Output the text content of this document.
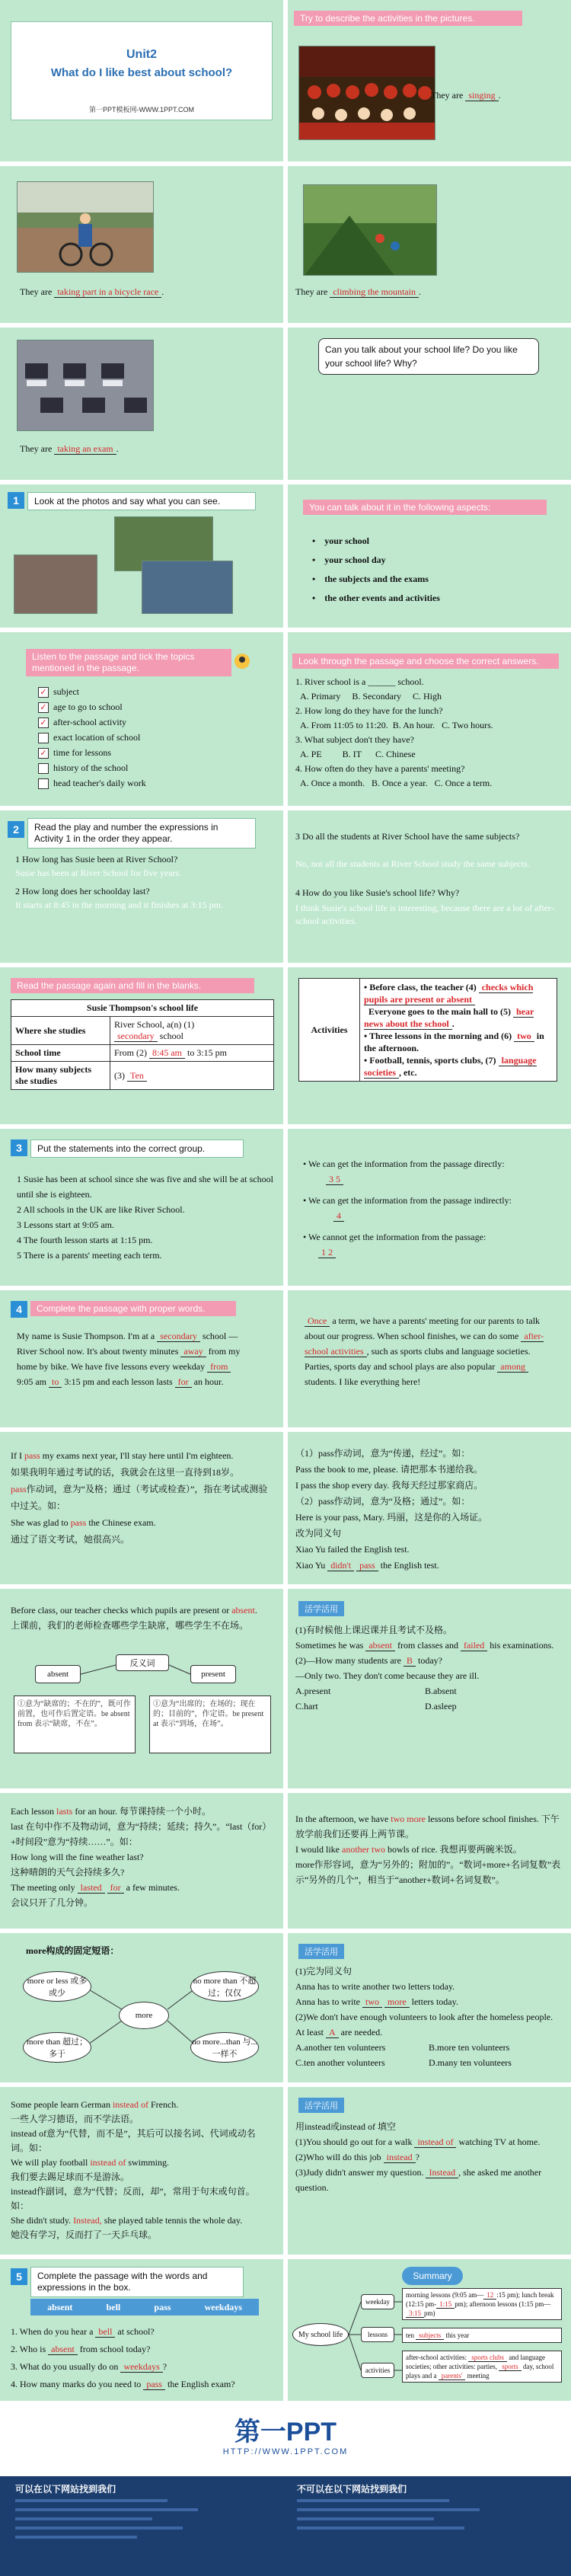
Unit2
What do I like best about school?
第一PPT模板网-WWW.1PPT.COM
Try to describe the activities in the pictures.
They are singing .
They are taking part in a bicycle race .	They are climbing the mountain .
They are taking an exam .
Can you talk about your school life? Do you like your school life? Why?
1	Look at the photos and say what you can see.
You can talk about it in the following aspects:
•    your school
•    your school day
•    the subjects and the exams
•    the other events and activities
Listen to the passage and tick the topics mentioned in the passage.
✓ subject
✓ age to go to school
✓ after-school activity
exact location of school
✓ time for lessons
history of the school
head teacher's daily work
Look through the passage and choose the correct answers.
1. River school is a ______ school.
A. Primary B. Secondary C. High
2. How long do they have for the lunch?
A. From 11:05 to 11:20. B. An hour. C. Two hours.
3. What subject don't they have?
A. PE B. IT C. Chinese
4. How often do they have a parents' meeting?
A. Once a month. B. Once a year. C. Once a term.
2	Read the play and number the expressions in Activity 1 in the order they appear.
1 How long has Susie been at River School?
Susie has been at River School for five years.
2 How long does her schoolday last?
It starts at 8:45 in the morning and it finishes at 3:15 pm.
3 Do all the students at River School have the same subjects?
No, not all the students at River School study the same subjects.
4 How do you like Susie's school life? Why?
I think Susie's school life is interesting, because there are a lot of after-school activities.
Read the passage again and fill in the blanks.
Susie Thompson's school life	
Where she studies	River School, a(n) (1)
secondary school
School time	From (2) 8:45 am to 3:15 pm
How many subjects she studies	(3) Ten
Activities	
• Before class, the teacher (4) checks which pupils are present or absent
Everyone goes to the main hall to (5) hear news about the school .
• Three lessons in the morning and (6) two in the afternoon.
• Football, tennis, sports clubs, (7) language societies , etc.
3	Put the statements into the correct group.
1 Susie has been at school since she was five and she will be at school until she is eighteen.
2 All schools in the UK are like River School.
3 Lessons start at 9:05 am.
4 The fourth lesson starts at 1:15 pm.
5 There is a parents' meeting each term.
• We can get the information from the passage directly:
3 5
• We can get the information from the passage indirectly:
4
• We cannot get the information from the passage:
1 2
4	Complete the passage with proper words.
My name is Susie Thompson. I'm at a secondary school — River School now. It's about twenty minutes away from my home by bike. We have five lessons every weekday from 9:05 am to 3:15 pm and each lesson lasts for an hour.
Once a term, we have a parents' meeting for our parents to talk about our progress. When school finishes, we can do some after-school activities , such as sports clubs and language societies. Parties, sports day and school plays are also popular among students. I like everything here!
If I pass my exams next year, I'll stay here until I'm eighteen.
如果我明年通过考试的话，我就会在这里一直待到18岁。
pass作动词，意为“及格；通过（考试或检查）”，指在考试或测验中过关。如：
She was glad to pass the Chinese exam.
通过了语文考试，她很高兴。
（1）pass作动词，意为“传递，经过”。如：
Pass the book to me, please. 请把那本书递给我。
I pass the shop every day. 我每天经过那家商店。
（2）pass作动词，意为“及格；通过”。如：
Here is your pass, Mary. 玛丽，这是你的入场证。
改为同义句
Xiao Yu failed the English test.
Xiao Yu didn't pass the English test.
Before class, our teacher checks which pupils are present or absent.
上课前，我们的老师检查哪些学生缺席，哪些学生不在场。
反义词
absent	present
①意为“缺席的；不在的”，既可作前置，也可作后置定语。be absent from 表示“缺席，不在”。
①意为“出席的；在场的；现在的；目前的”，作定语。be present at 表示“到场，在场”。
活学活用
(1)有时候他上课迟课并且考试不及格。
Sometimes he was absent from classes and failed his examinations.
(2)—How many students are B today?
—Only two. They don't come because they are ill.
A.present	B.absent
C.hart	D.asleep
Each lesson lasts for an hour. 每节课持续一个小时。
last 在句中作不及物动词，意为“持续；延续；持久”。“last（for）+时间段”意为“持续……”。如：
How long will the fine weather last?
这种晴朗的天气会持续多久?
The meeting only lasted for a few minutes.
会议只开了几分钟。
In the afternoon, we have two more lessons before school finishes. 下午放学前我们还要再上两节课。
I would like another two bowls of rice. 我想再要两碗米饭。
more作形容词，意为“另外的；附加的”。“数词+more+名词复数”表示“另外的几个”，相当于“another+数词+名词复数”。
more构成的固定短语：
more
more or less 或多或少
no more than 不超过；仅仅
no more...than 与...一样不
more than 超过；多于
活学活用
(1)完为同义句
Anna has to write another two letters today.
Anna has to write two more letters today.
(2)We don't have enough volunteers to look after the homeless people. At least A are needed.
A.another ten volunteers	B.more ten volunteers
C.ten another volunteers	D.many ten volunteers
Some people learn German instead of French.
一些人学习德语，而不学法语。
instead of意为“代替，而不是”，其后可以接名词、代词或动名词。如：
We will play football instead of swimming.
我们要去踢足球而不是游泳。
instead作副词，意为“代替；反而，却”，常用于句末或句首。如：
She didn't study. Instead, she played table tennis the whole day.
她没有学习，反而打了一天乒乓球。
活学活用
用instead或instead of 填空
(1)You should go out for a walk instead of watching TV at home.
(2)Who will do this job instead ?
(3)Judy didn't answer my question. Instead , she asked me another question.
5	Complete the passage with the words and expressions in the box.
absent	bell	pass	weekdays
1. When do you hear a bell at school?
2. Who is absent from school today?
3. What do you usually do on weekdays ?
4. How many marks do you need to pass the English exam?
Summary
My school life
weekday
lessons
activities
morning lessons (9:05 am— 12 :15 pm); lunch break (12:15 pm- 1:15 pm); afternoon lessons (1:15 pm—3:15 pm)
ten subjects this year
after-school activities: sports clubs and language societies; other activities: parties, sports day, school plays and a parents' meeting
第一PPT
HTTP://WWW.1PPT.COM
可以在以下网站找到我们	不可以在以下网站找到我们
